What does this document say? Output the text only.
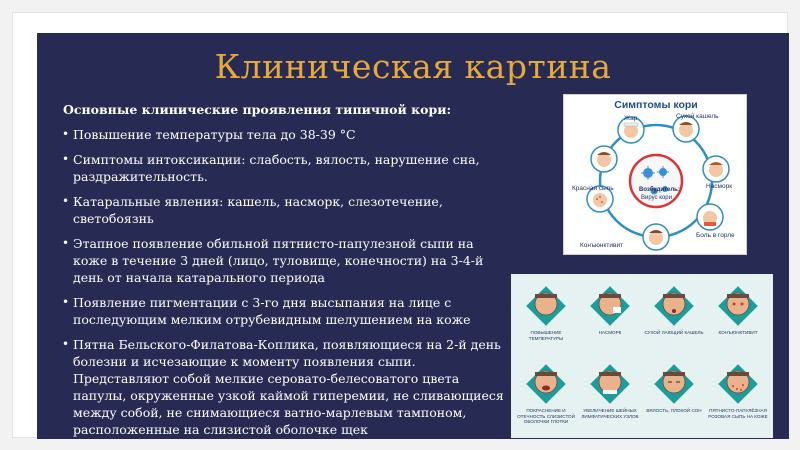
Клиническая картина
Основные клинические проявления типичной кори:
• Повышение температуры тела до 38-39 °С
• Симптомы интоксикации: слабость, вялость, нарушение сна, раздражительность.
• Катаральные явления: кашель, насморк, слезотечение, светобоязнь
• Этапное появление обильной пятнисто-папулезной сыпи на коже в течение 3 дней (лицо, туловище, конечности) на 3-4-й день от начала катарального периода
• Появление пигментации с 3-го дня высыпания на лице с последующим мелким отрубевидным шелушением на коже
• Пятна Бельского-Филатова-Коплика, появляющиеся на 2-й день болезни и исчезающие к моменту появления сыпи. Представляют собой мелкие серовато-белесоватого цвета папулы, окруженные узкой каймой гиперемии, не сливающиеся между собой, не снимающиеся ватно-марлевым тампоном, расположенные на слизистой оболочке щек
Симптомы кори
Жар	Сухой кашель
Насморк
Боль в горле
Конъюнктивит
Красная сыпь	Возбудитель:
Вирус кори
ПОВЫШЕНИЕ ТЕМПЕРАТУРЫ
НАСМОРК	СУХОЙ ЛАЮЩИЙ КАШЕЛЬ	КОНЪЮНКТИВИТ
ПОКРАСНЕНИЕ И ОТЕЧНОСТЬ СЛИЗИСТОЙ ОБОЛОЧКИ ГЛОТКИ
УВЕЛИЧЕНИЕ ШЕЙНЫХ ЛИМФАТИЧЕСКИХ УЗЛОВ
ВЯЛОСТЬ, ПЛОХОЙ СОН	ПЯТНИСТО-ПАПУЛЁЗНАЯ РОЗОВАЯ СЫПЬ НА КОЖЕ
